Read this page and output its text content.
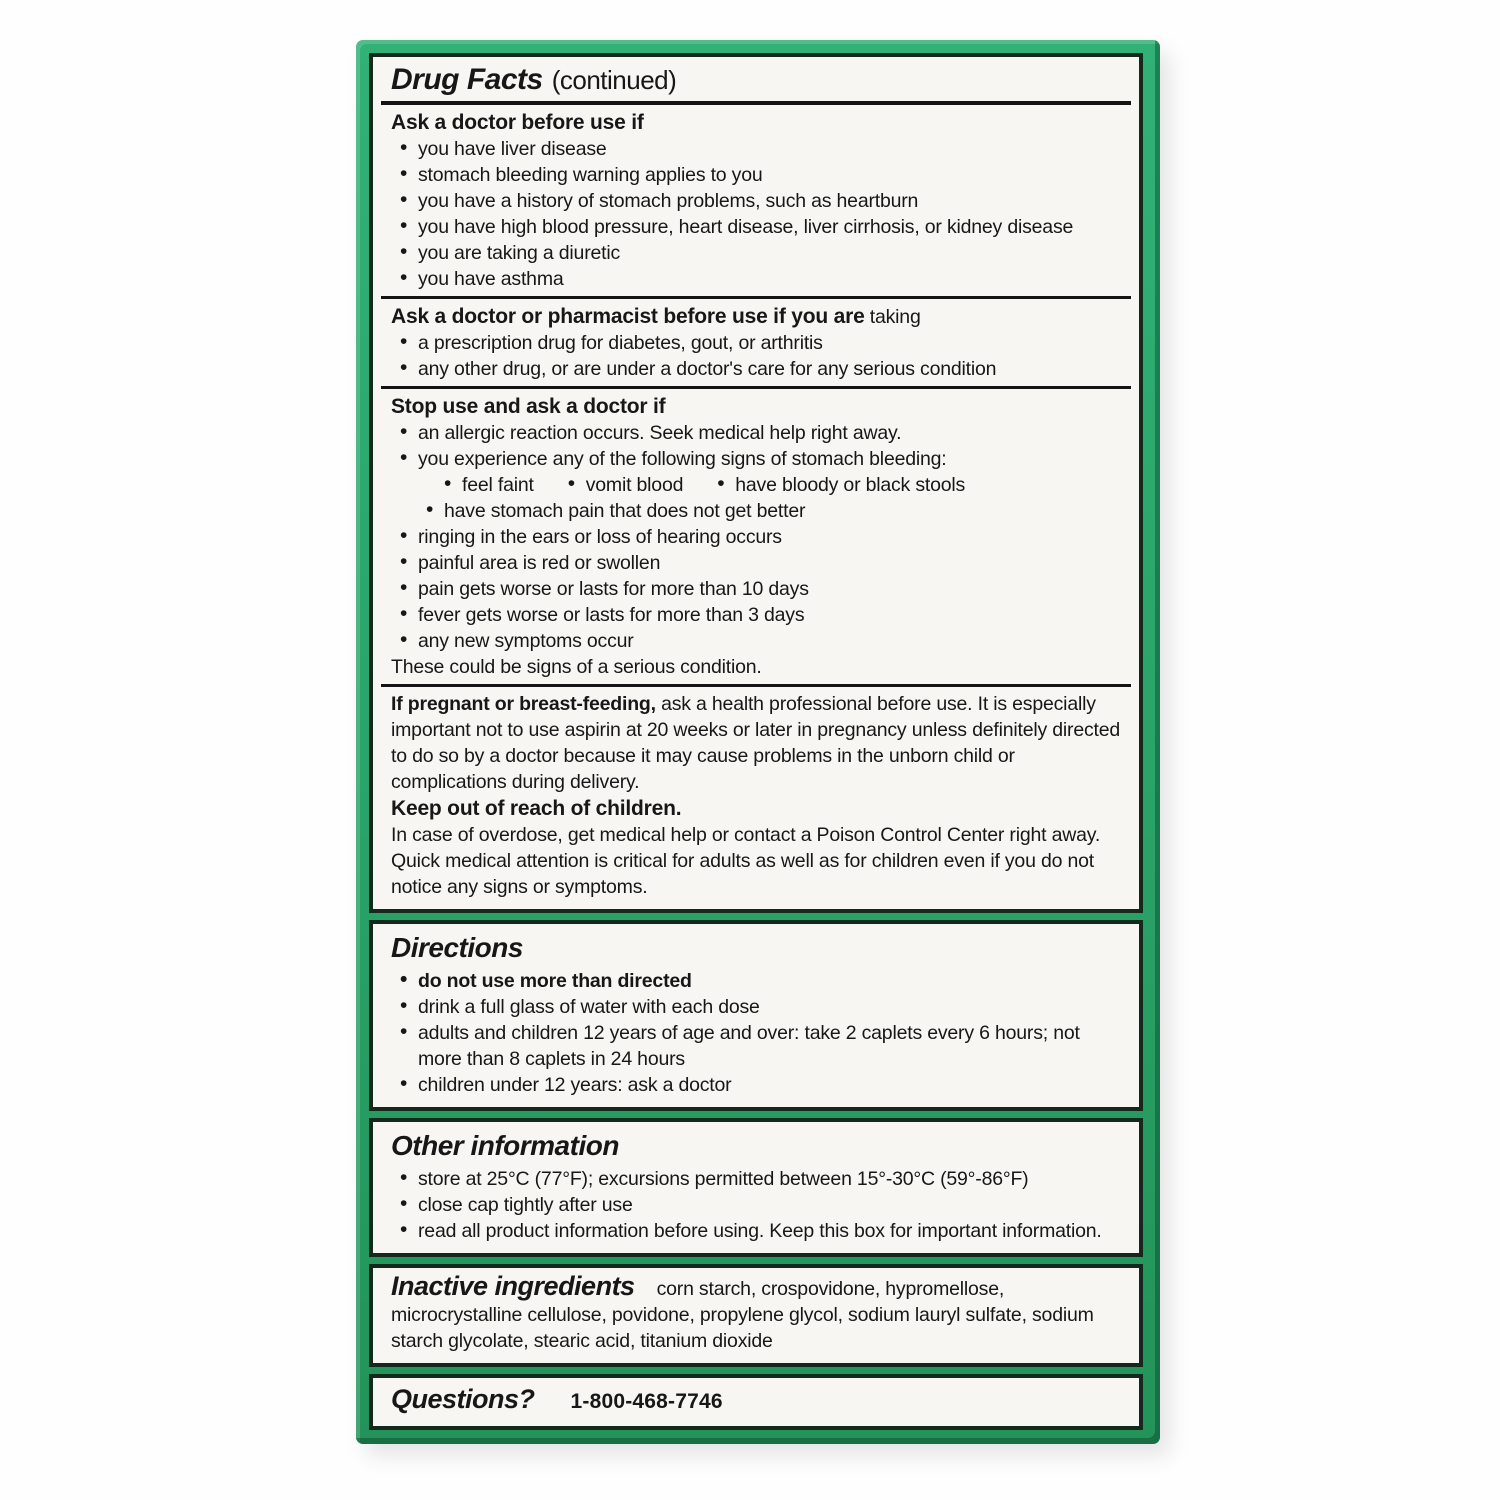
Drug Facts (continued)
Ask a doctor before use if
• you have liver disease
• stomach bleeding warning applies to you
• you have a history of stomach problems, such as heartburn
• you have high blood pressure, heart disease, liver cirrhosis, or kidney disease
• you are taking a diuretic
• you have asthma
Ask a doctor or pharmacist before use if you are taking
• a prescription drug for diabetes, gout, or arthritis
• any other drug, or are under a doctor's care for any serious condition
Stop use and ask a doctor if
• an allergic reaction occurs. Seek medical help right away.
• you experience any of the following signs of stomach bleeding:
• feel faint	• vomit blood	• have bloody or black stools
• have stomach pain that does not get better
• ringing in the ears or loss of hearing occurs
• painful area is red or swollen
• pain gets worse or lasts for more than 10 days
• fever gets worse or lasts for more than 3 days
• any new symptoms occur
These could be signs of a serious condition.
If pregnant or breast-feeding, ask a health professional before use. It is especially important not to use aspirin at 20 weeks or later in pregnancy unless definitely directed to do so by a doctor because it may cause problems in the unborn child or complications during delivery.
Keep out of reach of children.
In case of overdose, get medical help or contact a Poison Control Center right away. Quick medical attention is critical for adults as well as for children even if you do not notice any signs or symptoms.
Directions
• do not use more than directed
• drink a full glass of water with each dose
• adults and children 12 years of age and over: take 2 caplets every 6 hours; not more than 8 caplets in 24 hours
• children under 12 years: ask a doctor
Other information
• store at 25°C (77°F); excursions permitted between 15°-30°C (59°-86°F)
• close cap tightly after use
• read all product information before using. Keep this box for important information.
Inactive ingredients corn starch, crospovidone, hypromellose, microcrystalline cellulose, povidone, propylene glycol, sodium lauryl sulfate, sodium starch glycolate, stearic acid, titanium dioxide
Questions? 1-800-468-7746
